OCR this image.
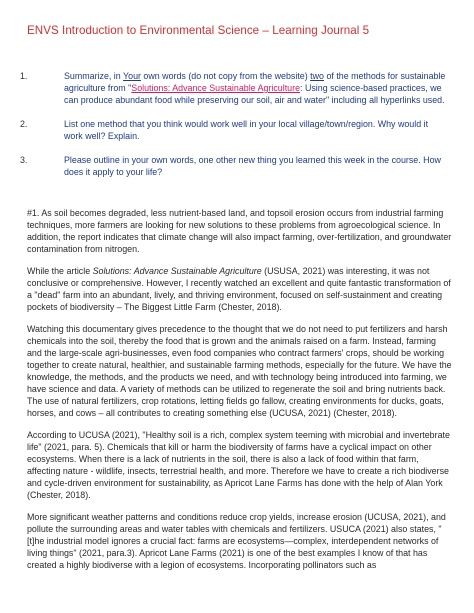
ENVS Introduction to Environmental Science – Learning Journal 5
1.	Summarize, in Your own words (do not copy from the website) two of the methods for sustainable agriculture from "Solutions: Advance Sustainable Agriculture: Using science-based practices, we can produce abundant food while preserving our soil, air and water" including all hyperlinks used.
2.	List one method that you think would work well in your local village/town/region. Why would it work well? Explain.
3.	Please outline in your own words, one other new thing you learned this week in the course. How does it apply to your life?

#1. As soil becomes degraded, less nutrient-based land, and topsoil erosion occurs from industrial farming techniques, more farmers are looking for new solutions to these problems from agroecological science. In addition, the report indicates that climate change will also impact farming, over-fertilization, and groundwater contamination from nitrogen.

While the article Solutions: Advance Sustainable Agriculture (USUSA, 2021) was interesting, it was not conclusive or comprehensive. However, I recently watched an excellent and quite fantastic transformation of a "dead" farm into an abundant, lively, and thriving environment, focused on self-sustainment and creating pockets of biodiversity – The Biggest Little Farm (Chester, 2018).

Watching this documentary gives precedence to the thought that we do not need to put fertilizers and harsh chemicals into the soil, thereby the food that is grown and the animals raised on a farm. Instead, farming and the large-scale agri-businesses, even food companies who contract farmers' crops, should be working together to create natural, healthier, and sustainable farming methods, especially for the future. We have the knowledge, the methods, and the products we need, and with technology being introduced into farming, we have science and data. A variety of methods can be utilized to regenerate the soil and bring nutrients back. The use of natural fertilizers, crop rotations, letting fields go fallow, creating environments for ducks, goats, horses, and cows – all contributes to creating something else (UCUSA, 2021) (Chester, 2018).

According to UCUSA (2021), "Healthy soil is a rich, complex system teeming with microbial and invertebrate life" (2021, para. 5). Chemicals that kill or harm the biodiversity of farms have a cyclical impact on other ecosystems. When there is a lack of nutrients in the soil, there is also a lack of food within that farm, affecting nature - wildlife, insects, terrestrial health, and more. Therefore we have to create a rich biodiverse and cycle-driven environment for sustainability, as Apricot Lane Farms has done with the help of Alan York (Chester, 2018).

More significant weather patterns and conditions reduce crop yields, increase erosion (UCUSA, 2021), and pollute the surrounding areas and water tables with chemicals and fertilizers. USUCA (2021) also states, "[t]he industrial model ignores a crucial fact: farms are ecosystems—complex, interdependent networks of living things" (2021, para.3). Apricot Lane Farms (2021) is one of the best examples I know of that has created a highly biodiverse with a legion of ecosystems. Incorporating pollinators such as
